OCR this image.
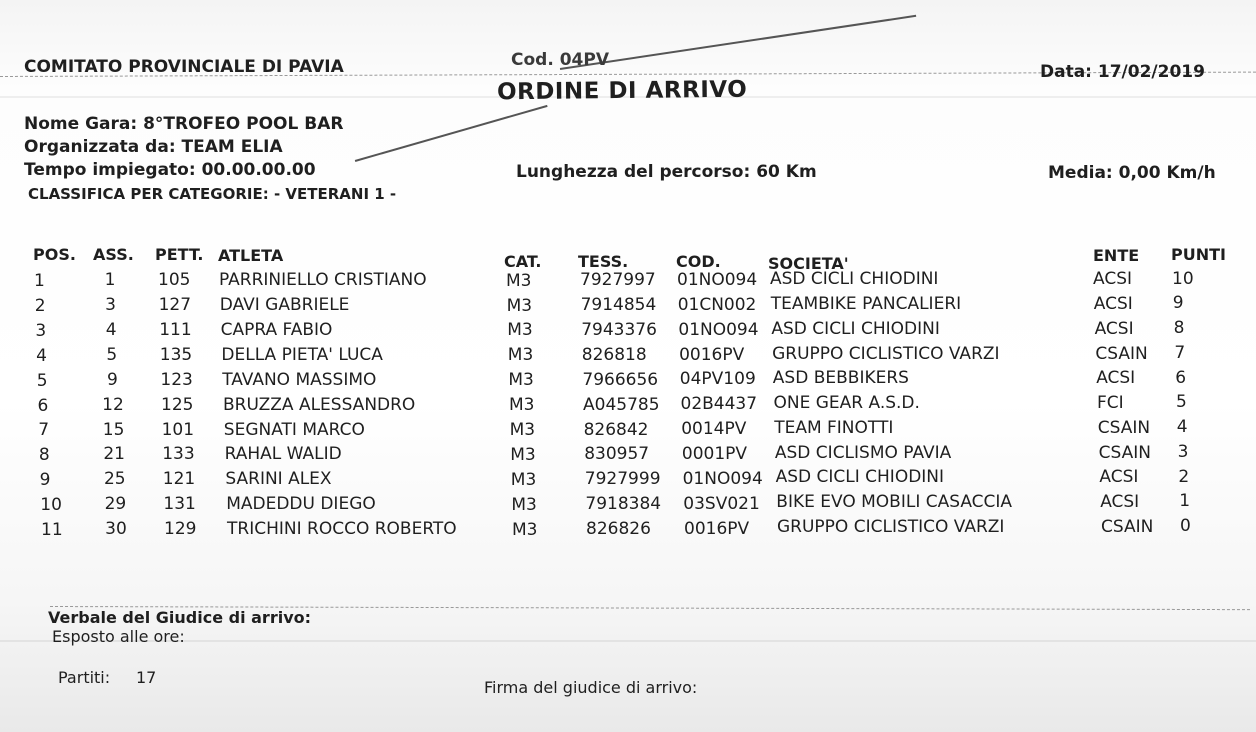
COMITATO PROVINCIALE DI PAVIA	Cod. 04PV
Data: 17/02/2019
ORDINE DI ARRIVO
Nome Gara: 8°TROFEO POOL BAR
Organizzata da: TEAM ELIA
Tempo impiegato: 00.00.00.00	Lunghezza del percorso: 60 Km	Media: 0,00 Km/h
CLASSIFICA PER CATEGORIE: - VETERANI 1 -
POS. ASS. PETT. ATLETA	CAT. TESS.	COD.	SOCIETA'	ENTE PUNTI
1	1	105 PARRINIELLO CRISTIANO	M3	7927997 01NO094 ASD CICLI CHIODINI	ACSI 10
2	3	127 DAVI GABRIELE	M3	7914854 01CN002 TEAMBIKE PANCALIERI	ACSI 9
3	4	111 CAPRA FABIO	M3	7943376 01NO094 ASD CICLI CHIODINI	ACSI 8
4	5	135 DELLA PIETA' LUCA	M3	826818 0016PV GRUPPO CICLISTICO VARZI	CSAIN 7
5	9	123 TAVANO MASSIMO	M3	7966656 04PV109 ASD BEBBIKERS	ACSI 6
6	12	125 BRUZZA ALESSANDRO	M3	A045785 02B4437 ONE GEAR A.S.D.	FCI	5
7	15	101 SEGNATI MARCO	M3	826842 0014PV TEAM FINOTTI	CSAIN 4
8	21	133 RAHAL WALID	M3	830957 0001PV ASD CICLISMO PAVIA	CSAIN 3
9	25	121 SARINI ALEX	M3	7927999 01NO094 ASD CICLI CHIODINI	ACSI 2
10	29	131 MADEDDU DIEGO	M3	7918384 03SV021 BIKE EVO MOBILI CASACCIA	ACSI 1
11	30	129 TRICHINI ROCCO ROBERTO	M3	826826 0016PV GRUPPO CICLISTICO VARZI	CSAIN 0
Verbale del Giudice di arrivo:
Esposto alle ore:
Partiti: 17
Firma del giudice di arrivo:
